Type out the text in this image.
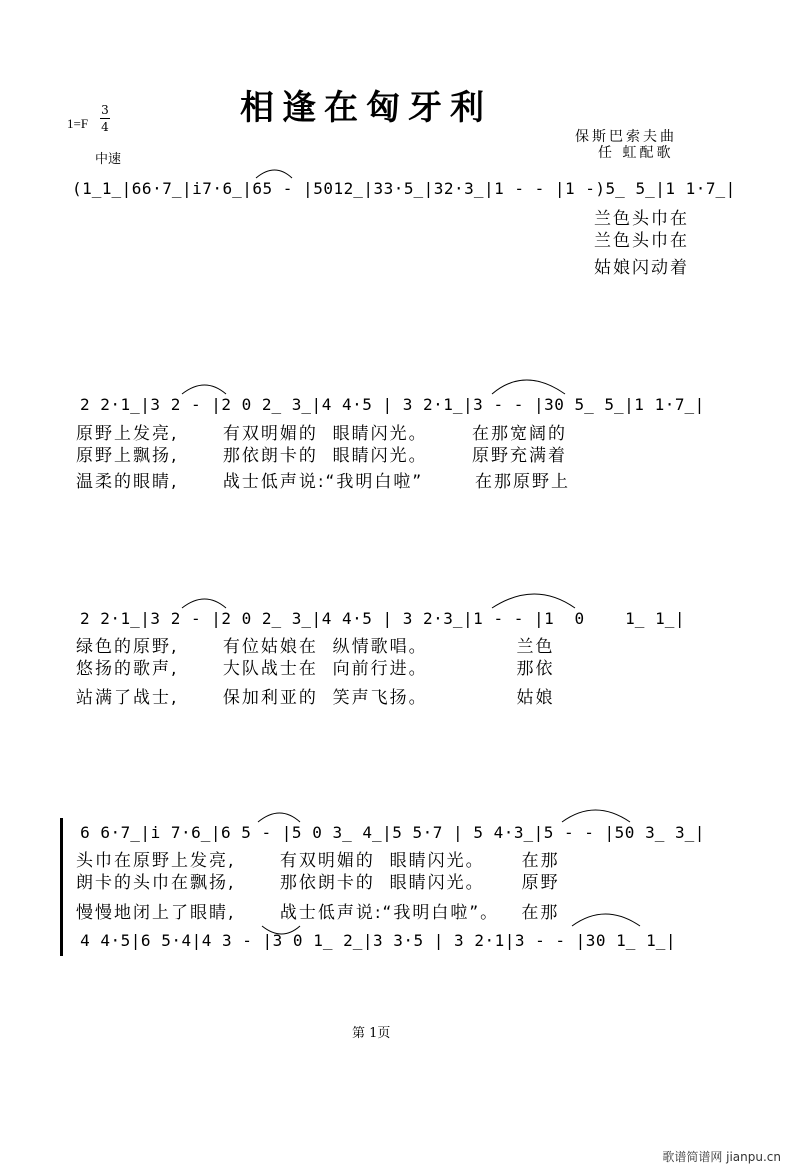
相逢在匈牙利
1=F
3
4
中速
保斯巴索夫曲
任 虹配歌
(1̲1̲|66·7̲|i7·6̲|65 - |5012̲|33·5̲|32·3̲|1 - - |1 -)5̲ 5̲|1 1·7̲|
兰色头巾在
兰色头巾在
姑娘闪动着
2 2·1̲|3 2 - |2 0 2̲ 3̲|4 4·5 | 3 2·1̲|3 - - |30 5̲ 5̲|1 1·7̲|
原野上发亮,      有双明媚的  眼睛闪光。      在那宽阔的
原野上飘扬,      那依朗卡的  眼睛闪光。      原野充满着
温柔的眼睛,      战士低声说:“我明白啦”       在那原野上
2 2·1̲|3 2 - |2 0 2̲ 3̲|4 4·5 | 3 2·3̲|1 - - |1  0    1̲ 1̲|
绿色的原野,      有位姑娘在  纵情歌唱。            兰色
悠扬的歌声,      大队战士在  向前行进。            那依
站满了战士,      保加利亚的  笑声飞扬。            姑娘
6 6·7̲|i 7·6̲|6 5 - |5 0 3̲ 4̲|5 5·7 | 5 4·3̲|5 - - |50 3̲ 3̲|
头巾在原野上发亮,      有双明媚的  眼睛闪光。     在那
朗卡的头巾在飘扬,      那依朗卡的  眼睛闪光。     原野
慢慢地闭上了眼睛,      战士低声说:“我明白啦”。   在那
4 4·5|6 5·4|4 3 - |3 0 1̲ 2̲|3 3·5 | 3 2·1|3 - - |30 1̲ 1̲|
第 1页
歌谱简谱网 jianpu.cn
